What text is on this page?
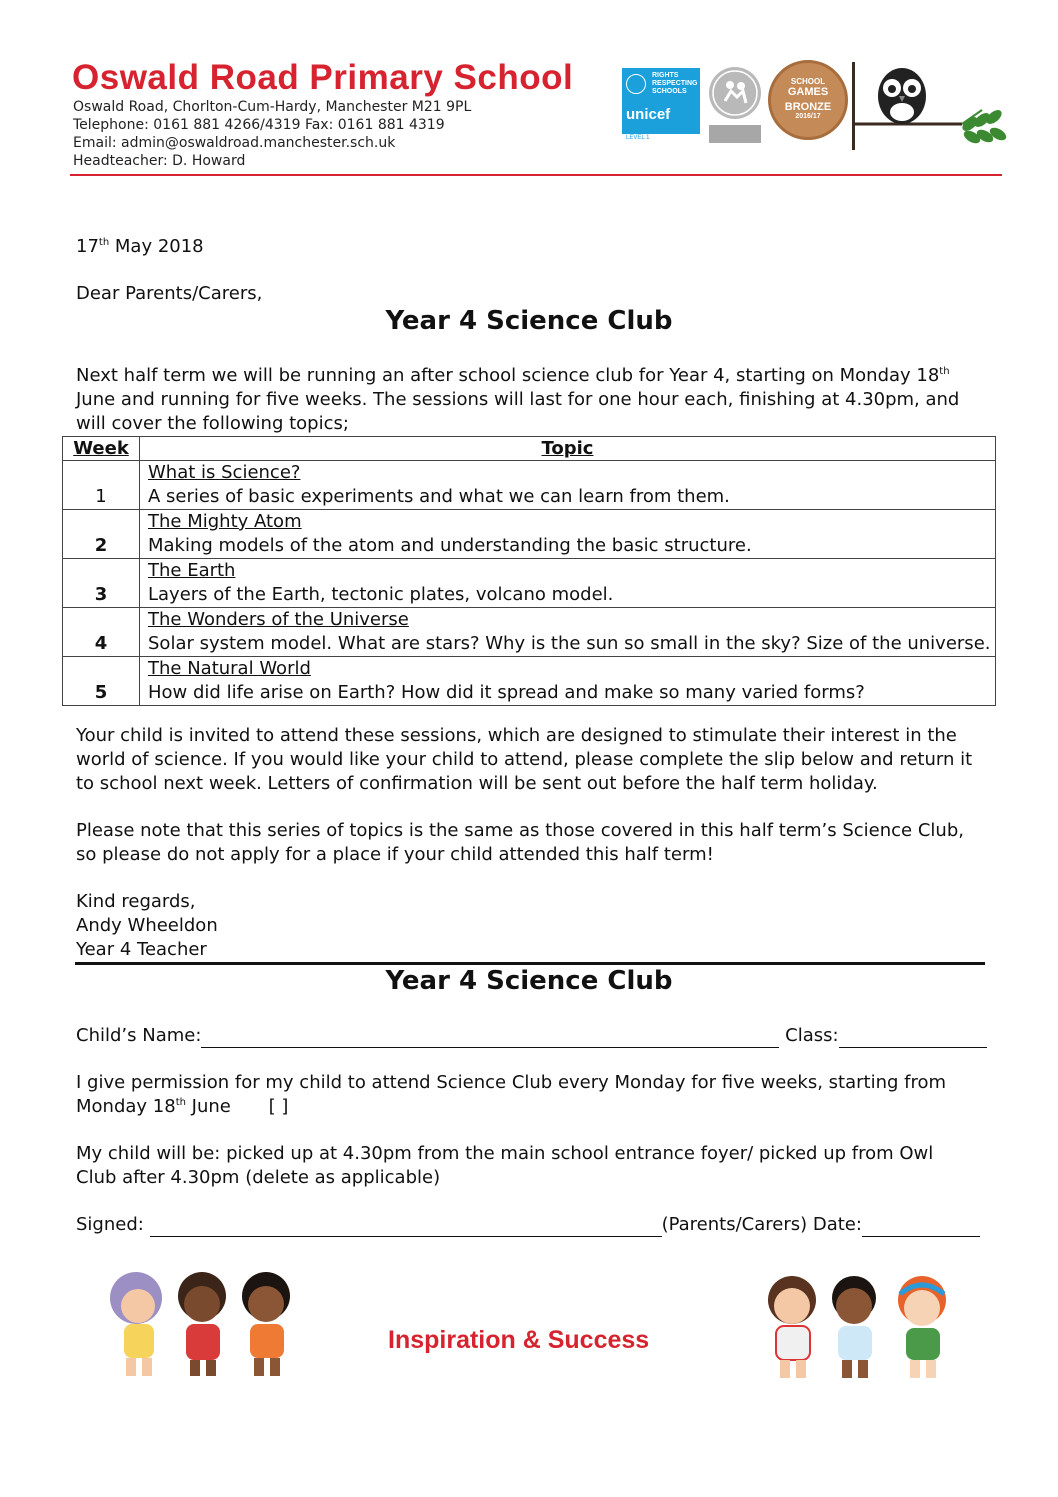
Oswald Road Primary School
Oswald Road, Chorlton-Cum-Hardy, Manchester M21 9PL
Telephone: 0161 881 4266/4319 Fax: 0161 881 4319
Email: admin@oswaldroad.manchester.sch.uk
Headteacher: D. Howard
RIGHTS
RESPECTING
SCHOOLS
unicef
LEVEL 1
SCHOOL
GAMES
BRONZE
2016/17
17th May 2018
Dear Parents/Carers,
Year 4 Science Club
Next half term we will be running an after school science club for Year 4, starting on Monday 18th June and running for five weeks. The sessions will last for one hour each, finishing at 4.30pm, and will cover the following topics;
Week	Topic
1	What is Science?
A series of basic experiments and what we can learn from them.
2	The Mighty Atom
Making models of the atom and understanding the basic structure.
3	The Earth
Layers of the Earth, tectonic plates, volcano model.
4	The Wonders of the Universe
Solar system model. What are stars? Why is the sun so small in the sky? Size of the universe.
5	The Natural World
How did life arise on Earth? How did it spread and make so many varied forms?
Your child is invited to attend these sessions, which are designed to stimulate their interest in the world of science. If you would like your child to attend, please complete the slip below and return it to school next week. Letters of confirmation will be sent out before the half term holiday.
Please note that this series of topics is the same as those covered in this half term’s Science Club, so please do not apply for a place if your child attended this half term!
Kind regards,
Andy Wheeldon
Year 4 Teacher
Year 4 Science Club
Child’s Name:	Class:
I give permission for my child to attend Science Club every Monday for five weeks, starting from Monday 18th June [ ]
My child will be: picked up at 4.30pm from the main school entrance foyer/ picked up from Owl Club after 4.30pm (delete as applicable)
Signed:	(Parents/Carers) Date:
Inspiration & Success
